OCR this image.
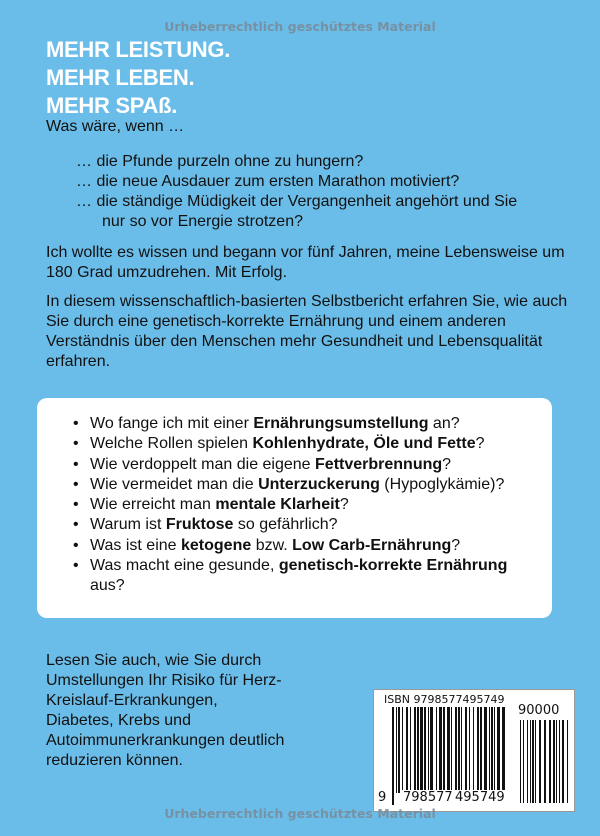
Urheberrechtlich geschütztes Material
MEHR LEISTUNG.
MEHR LEBEN.
MEHR SPAß.
Was wäre, wenn …

… die Pfunde purzeln ohne zu hungern?

… die neue Ausdauer zum ersten Marathon motiviert?

… die ständige Müdigkeit der Vergangenheit angehört und Sie nur so vor Energie strotzen?

Ich wollte es wissen und begann vor fünf Jahren, meine Lebensweise um 180 Grad umzudrehen. Mit Erfolg.
In diesem wissenschaftlich-basierten Selbstbericht erfahren Sie, wie auch Sie durch eine genetisch-korrekte Ernährung und einem anderen Verständnis über den Menschen mehr Gesundheit und Lebensqualität erfahren.
• Wo fange ich mit einer Ernährungsumstellung an?
• Welche Rollen spielen Kohlenhydrate, Öle und Fette?
• Wie verdoppelt man die eigene Fettverbrennung?
• Wie vermeidet man die Unterzuckerung (Hypoglykämie)?
• Wie erreicht man mentale Klarheit?
• Warum ist Fruktose so gefährlich?
• Was ist eine ketogene bzw. Low Carb-Ernährung?
• Was macht eine gesunde, genetisch-korrekte Ernährung aus?
Lesen Sie auch, wie Sie durch Umstellungen Ihr Risiko für Herz-Kreislauf-Erkrankungen, Diabetes, Krebs und Autoimmunerkrankungen deutlich reduzieren können.
ISBN 9798577495749
90000
9 798577 495749
Urheberrechtlich geschütztes Material
